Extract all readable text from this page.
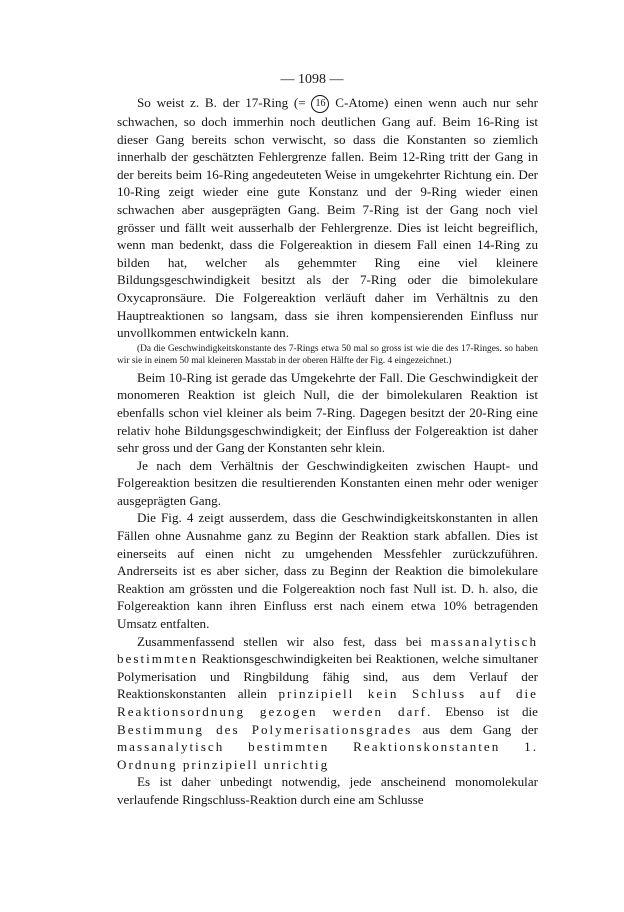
— 1098 —

So weist z. B. der 17-Ring (= 16 C-Atome) einen wenn auch nur sehr schwachen, so doch immerhin noch deutlichen Gang auf. Beim 16-Ring ist dieser Gang bereits schon verwischt, so dass die Konstanten so ziemlich innerhalb der geschätzten Fehlergrenze fallen. Beim 12-Ring tritt der Gang in der bereits beim 16-Ring angedeuteten Weise in umgekehrter Richtung ein. Der 10-Ring zeigt wieder eine gute Konstanz und der 9-Ring wieder einen schwachen aber ausgeprägten Gang. Beim 7-Ring ist der Gang noch viel grösser und fällt weit ausserhalb der Fehlergrenze. Dies ist leicht begreiflich, wenn man bedenkt, dass die Folgereaktion in diesem Fall einen 14-Ring zu bilden hat, welcher als gehemmter Ring eine viel kleinere Bildungsgeschwindigkeit besitzt als der 7-Ring oder die bimolekulare Oxycapronsäure. Die Folgereaktion verläuft daher im Verhältnis zu den Hauptreaktionen so langsam, dass sie ihren kompensierenden Einfluss nur unvollkommen entwickeln kann.

(Da die Geschwindigkeitskonstante des 7-Rings etwa 50 mal so gross ist wie die des 17-Ringes. so haben wir sie in einem 50 mal kleineren Masstab in der oberen Hälfte der Fig. 4 eingezeichnet.)

Beim 10-Ring ist gerade das Umgekehrte der Fall. Die Geschwindigkeit der monomeren Reaktion ist gleich Null, die der bimolekularen Reaktion ist ebenfalls schon viel kleiner als beim 7-Ring. Dagegen besitzt der 20-Ring eine relativ hohe Bildungsgeschwindigkeit; der Einfluss der Folgereaktion ist daher sehr gross und der Gang der Konstanten sehr klein.

Je nach dem Verhältnis der Geschwindigkeiten zwischen Haupt- und Folgereaktion besitzen die resultierenden Konstanten einen mehr oder weniger ausgeprägten Gang.

Die Fig. 4 zeigt ausserdem, dass die Geschwindigkeitskonstanten in allen Fällen ohne Ausnahme ganz zu Beginn der Reaktion stark abfallen. Dies ist einerseits auf einen nicht zu umgehenden Messfehler zurückzuführen. Andrerseits ist es aber sicher, dass zu Beginn der Reaktion die bimolekulare Reaktion am grössten und die Folgereaktion noch fast Null ist. D. h. also, die Folgereaktion kann ihren Einfluss erst nach einem etwa 10% betragenden Umsatz entfalten.

Zusammenfassend stellen wir also fest, dass bei massanalytisch bestimmten Reaktionsgeschwindigkeiten bei Reaktionen, welche simultaner Polymerisation und Ringbildung fähig sind, aus dem Verlauf der Reaktionskonstanten allein prinzipiell kein Schluss auf die Reaktionsordnung gezogen werden darf. Ebenso ist die Bestimmung des Polymerisationsgrades aus dem Gang der massanalytisch bestimmten Reaktionskonstanten 1. Ordnung prinzipiell unrichtig

Es ist daher unbedingt notwendig, jede anscheinend monomolekular verlaufende Ringschluss-Reaktion durch eine am Schlusse
